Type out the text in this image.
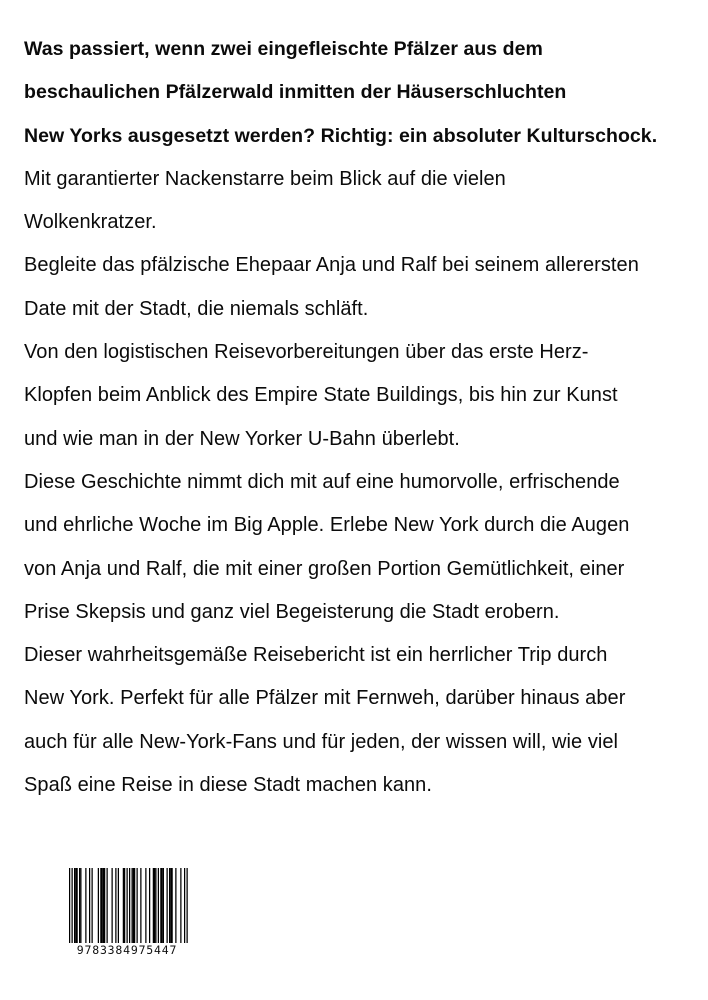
Was passiert, wenn zwei eingefleischte Pfälzer aus dem
beschaulichen Pfälzerwald inmitten der Häuserschluchten
New Yorks ausgesetzt werden? Richtig: ein absoluter Kulturschock.
Mit garantierter Nackenstarre beim Blick auf die vielen
Wolkenkratzer.
Begleite das pfälzische Ehepaar Anja und Ralf bei seinem allerersten
Date mit der Stadt, die niemals schläft.
Von den logistischen Reisevorbereitungen über das erste Herz-
Klopfen beim Anblick des Empire State Buildings, bis hin zur Kunst
und wie man in der New Yorker U-Bahn überlebt.
Diese Geschichte nimmt dich mit auf eine humorvolle, erfrischende
und ehrliche Woche im Big Apple. Erlebe New York durch die Augen
von Anja und Ralf, die mit einer großen Portion Gemütlichkeit, einer
Prise Skepsis und ganz viel Begeisterung die Stadt erobern.
Dieser wahrheitsgemäße Reisebericht ist ein herrlicher Trip durch
New York. Perfekt für alle Pfälzer mit Fernweh, darüber hinaus aber
auch für alle New-York-Fans und für jeden, der wissen will, wie viel
Spaß eine Reise in diese Stadt machen kann.
9783384975447
